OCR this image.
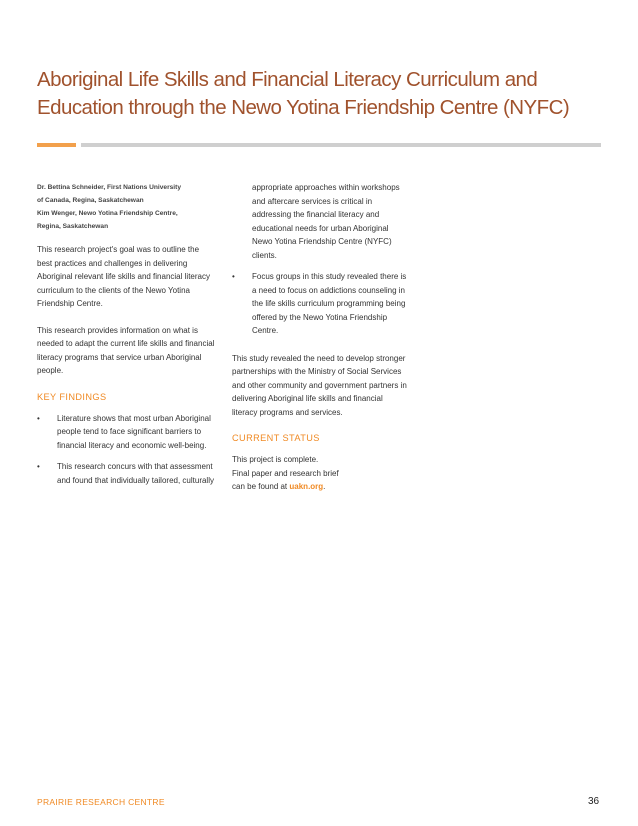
Aboriginal Life Skills and Financial Literacy Curriculum and Education through the Newo Yotina Friendship Centre (NYFC)
Dr. Bettina Schneider, First Nations University
of Canada, Regina, Saskatchewan
Kim Wenger, Newo Yotina Friendship Centre,
Regina, Saskatchewan

This research project's goal was to outline the best practices and challenges in delivering Aboriginal relevant life skills and financial literacy curriculum to the clients of the Newo Yotina Friendship Centre.

This research provides information on what is needed to adapt the current life skills and financial literacy programs that service urban Aboriginal people.

KEY FINDINGS
• Literature shows that most urban Aboriginal people tend to face significant barriers to financial literacy and economic well-being.
• This research concurs with that assessment and found that individually tailored, culturally
appropriate approaches within workshops and aftercare services is critical in addressing the financial literacy and educational needs for urban Aboriginal Newo Yotina Friendship Centre (NYFC) clients.
• Focus groups in this study revealed there is a need to focus on addictions counseling in the life skills curriculum programming being offered by the Newo Yotina Friendship Centre.

This study revealed the need to develop stronger partnerships with the Ministry of Social Services and other community and government partners in delivering Aboriginal life skills and financial literacy programs and services.

CURRENT STATUS
This project is complete.
Final paper and research brief
can be found at uakn.org.
PRAIRIE RESEARCH CENTRE	36
